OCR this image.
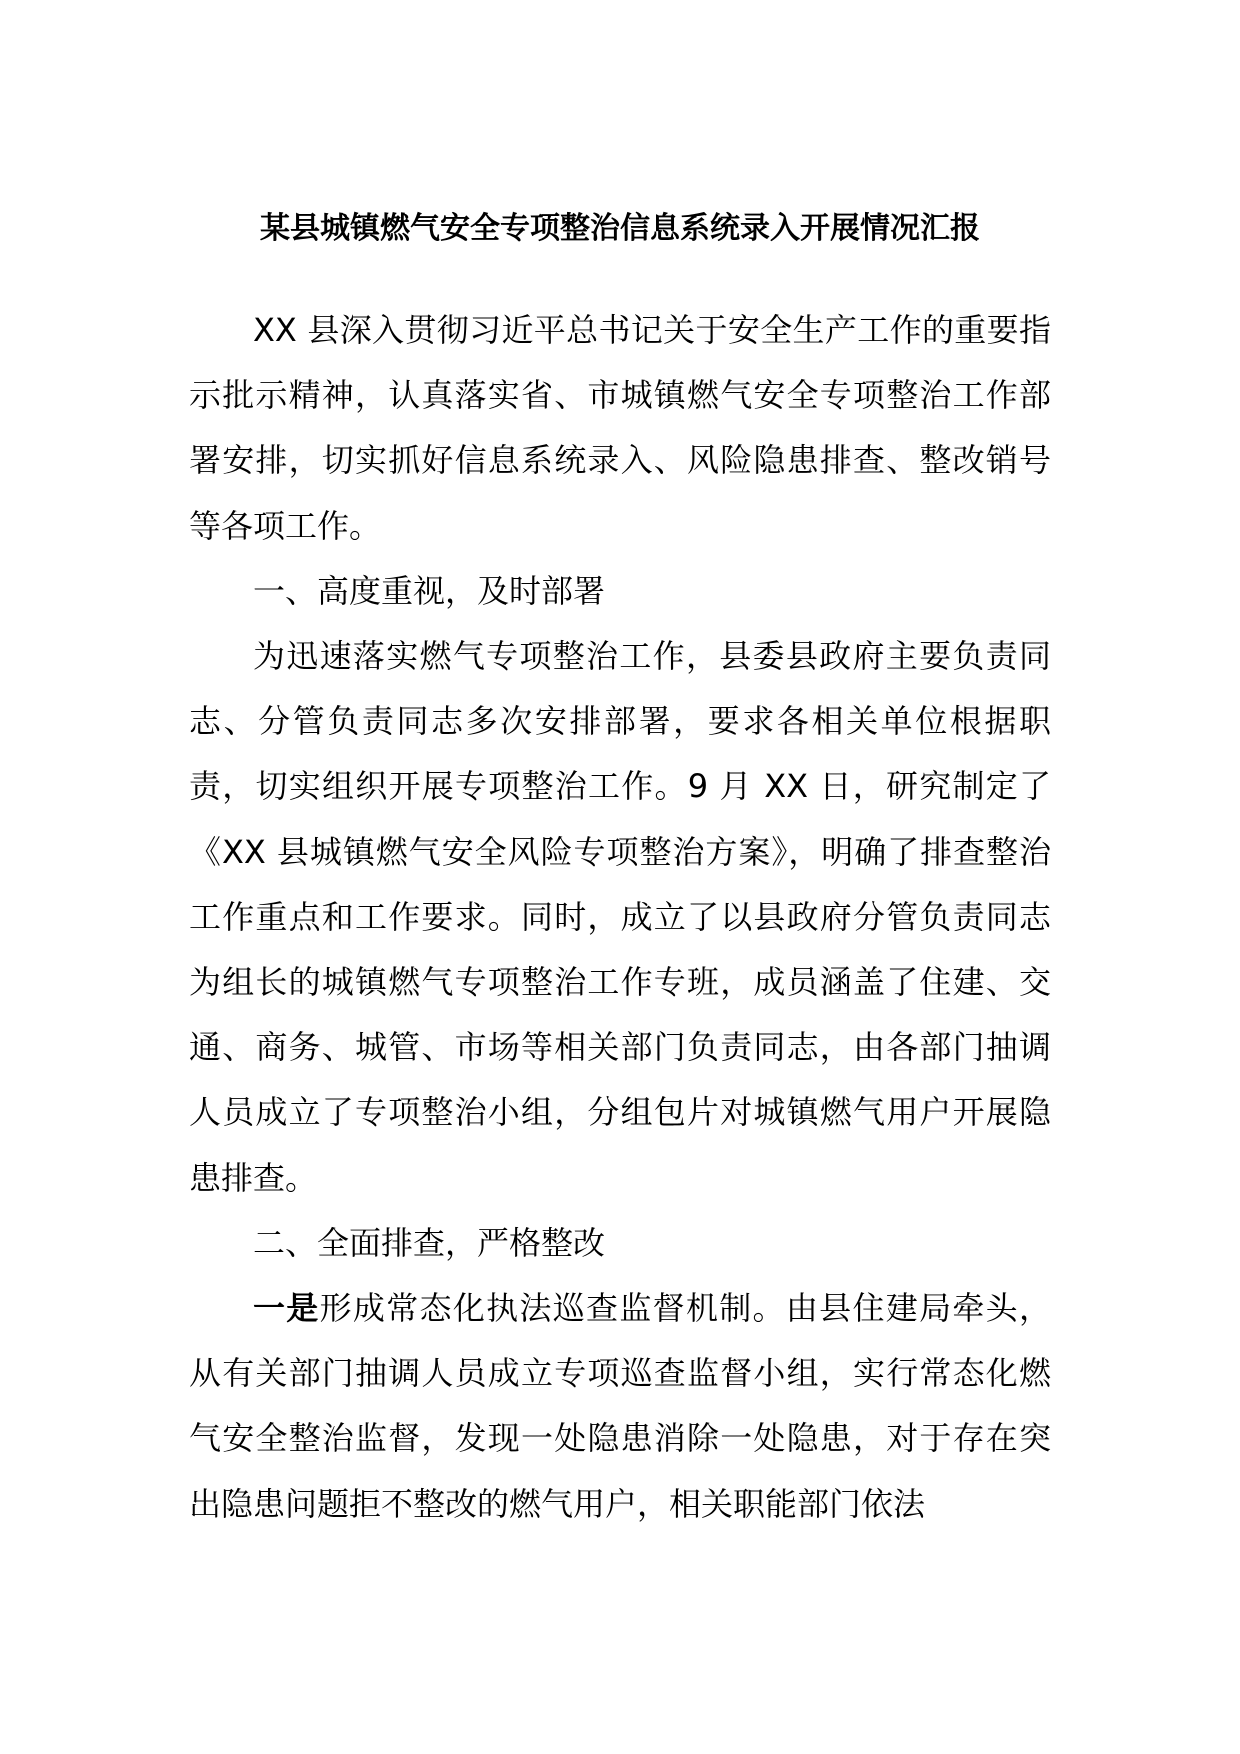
某县城镇燃气安全专项整治信息系统录入开展情况汇报

XX 县深入贯彻习近平总书记关于安全生产工作的重要指示批示精神，认真落实省、市城镇燃气安全专项整治工作部署安排，切实抓好信息系统录入、风险隐患排查、整改销号等各项工作。

一、高度重视，及时部署

为迅速落实燃气专项整治工作，县委县政府主要负责同志、分管负责同志多次安排部署，要求各相关单位根据职责，切实组织开展专项整治工作。9 月 XX 日，研究制定了《XX 县城镇燃气安全风险专项整治方案》，明确了排查整治工作重点和工作要求。同时，成立了以县政府分管负责同志为组长的城镇燃气专项整治工作专班，成员涵盖了住建、交通、商务、城管、市场等相关部门负责同志，由各部门抽调人员成立了专项整治小组，分组包片对城镇燃气用户开展隐患排查。

二、全面排查，严格整改

一是形成常态化执法巡查监督机制。由县住建局牵头，从有关部门抽调人员成立专项巡查监督小组，实行常态化燃气安全整治监督，发现一处隐患消除一处隐患，对于存在突出隐患问题拒不整改的燃气用户，相关职能部门依法
